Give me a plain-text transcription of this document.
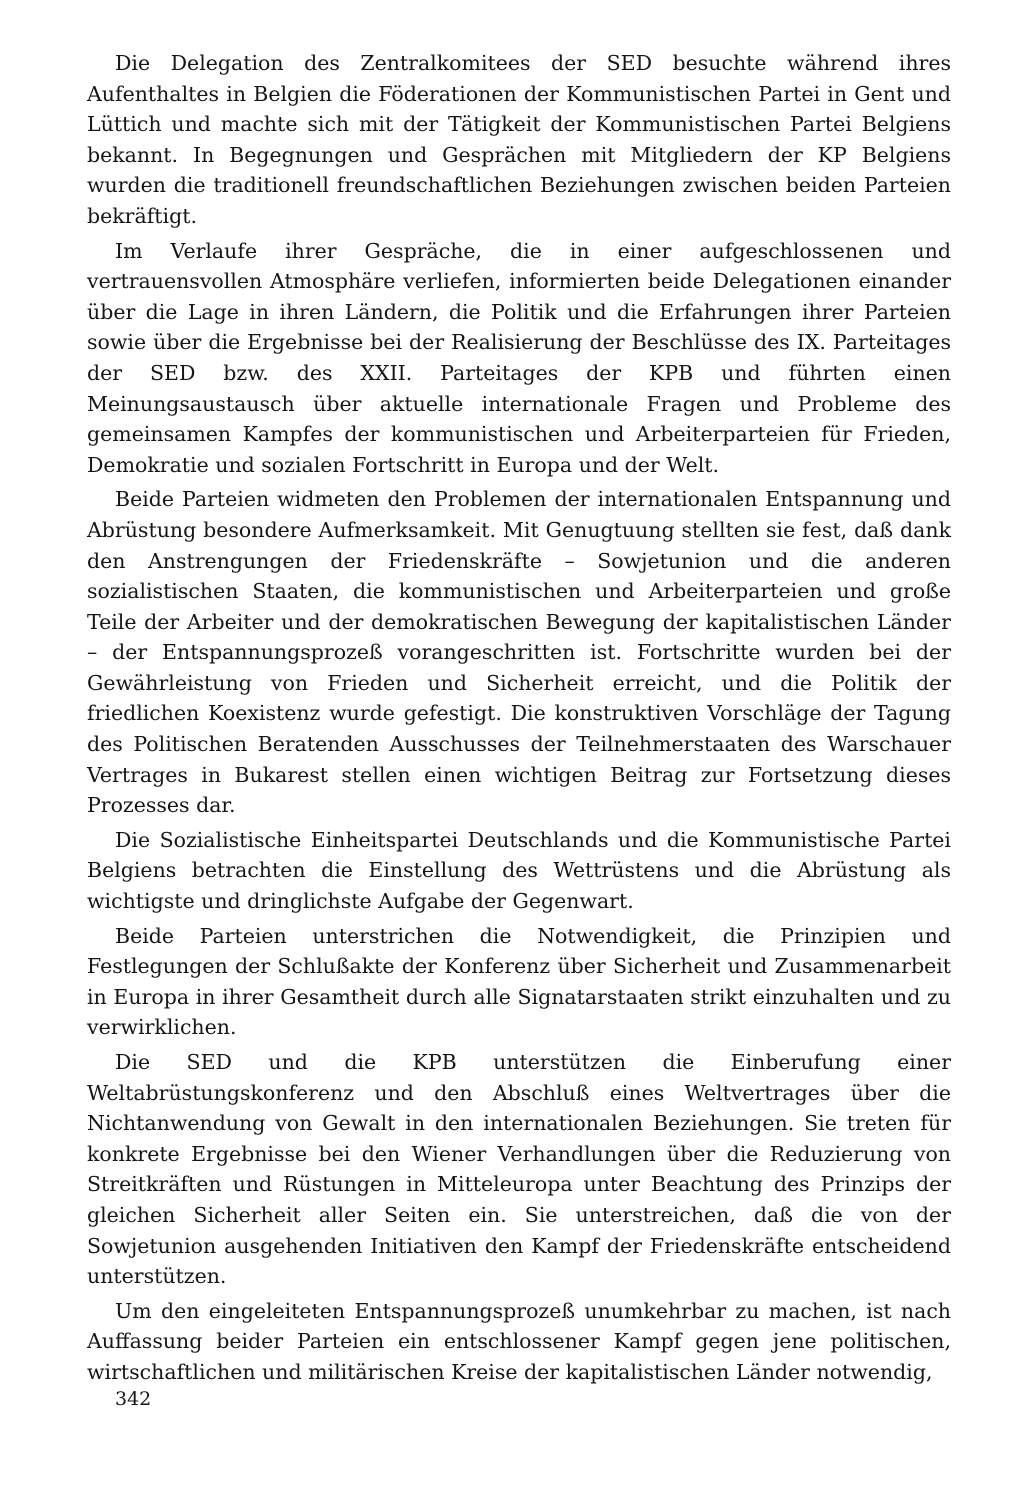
Die Delegation des Zentralkomitees der SED besuchte während ihres Aufenthaltes in Belgien die Föderationen der Kommunistischen Partei in Gent und Lüttich und machte sich mit der Tätigkeit der Kommunistischen Partei Belgiens bekannt. In Begegnungen und Gesprächen mit Mitgliedern der KP Belgiens wurden die traditionell freundschaftlichen Beziehungen zwischen beiden Parteien bekräftigt.

Im Verlaufe ihrer Gespräche, die in einer aufgeschlossenen und vertrauensvollen Atmosphäre verliefen, informierten beide Delegationen einander über die Lage in ihren Ländern, die Politik und die Erfahrungen ihrer Parteien sowie über die Ergebnisse bei der Realisierung der Beschlüsse des IX. Parteitages der SED bzw. des XXII. Parteitages der KPB und führten einen Meinungsaustausch über aktuelle internationale Fragen und Probleme des gemeinsamen Kampfes der kommunistischen und Arbeiterparteien für Frieden, Demokratie und sozialen Fortschritt in Europa und der Welt.

Beide Parteien widmeten den Problemen der internationalen Entspannung und Abrüstung besondere Aufmerksamkeit. Mit Genugtuung stellten sie fest, daß dank den Anstrengungen der Friedenskräfte – Sowjetunion und die anderen sozialistischen Staaten, die kommunistischen und Arbeiterparteien und große Teile der Arbeiter und der demokratischen Bewegung der kapitalistischen Länder – der Entspannungsprozeß vorangeschritten ist. Fortschritte wurden bei der Gewährleistung von Frieden und Sicherheit erreicht, und die Politik der friedlichen Koexistenz wurde gefestigt. Die konstruktiven Vorschläge der Tagung des Politischen Beratenden Ausschusses der Teilnehmerstaaten des Warschauer Vertrages in Bukarest stellen einen wichtigen Beitrag zur Fortsetzung dieses Prozesses dar.

Die Sozialistische Einheitspartei Deutschlands und die Kommunistische Partei Belgiens betrachten die Einstellung des Wettrüstens und die Abrüstung als wichtigste und dringlichste Aufgabe der Gegenwart.

Beide Parteien unterstrichen die Notwendigkeit, die Prinzipien und Festlegungen der Schlußakte der Konferenz über Sicherheit und Zusammenarbeit in Europa in ihrer Gesamtheit durch alle Signatarstaaten strikt einzuhalten und zu verwirklichen.

Die SED und die KPB unterstützen die Einberufung einer Weltabrüstungskonferenz und den Abschluß eines Weltvertrages über die Nichtanwendung von Gewalt in den internationalen Beziehungen. Sie treten für konkrete Ergebnisse bei den Wiener Verhandlungen über die Reduzierung von Streitkräften und Rüstungen in Mitteleuropa unter Beachtung des Prinzips der gleichen Sicherheit aller Seiten ein. Sie unterstreichen, daß die von der Sowjetunion ausgehenden Initiativen den Kampf der Friedenskräfte entscheidend unterstützen.

Um den eingeleiteten Entspannungsprozeß unumkehrbar zu machen, ist nach Auffassung beider Parteien ein entschlossener Kampf gegen jene politischen, wirtschaftlichen und militärischen Kreise der kapitalistischen Länder notwendig,

342
